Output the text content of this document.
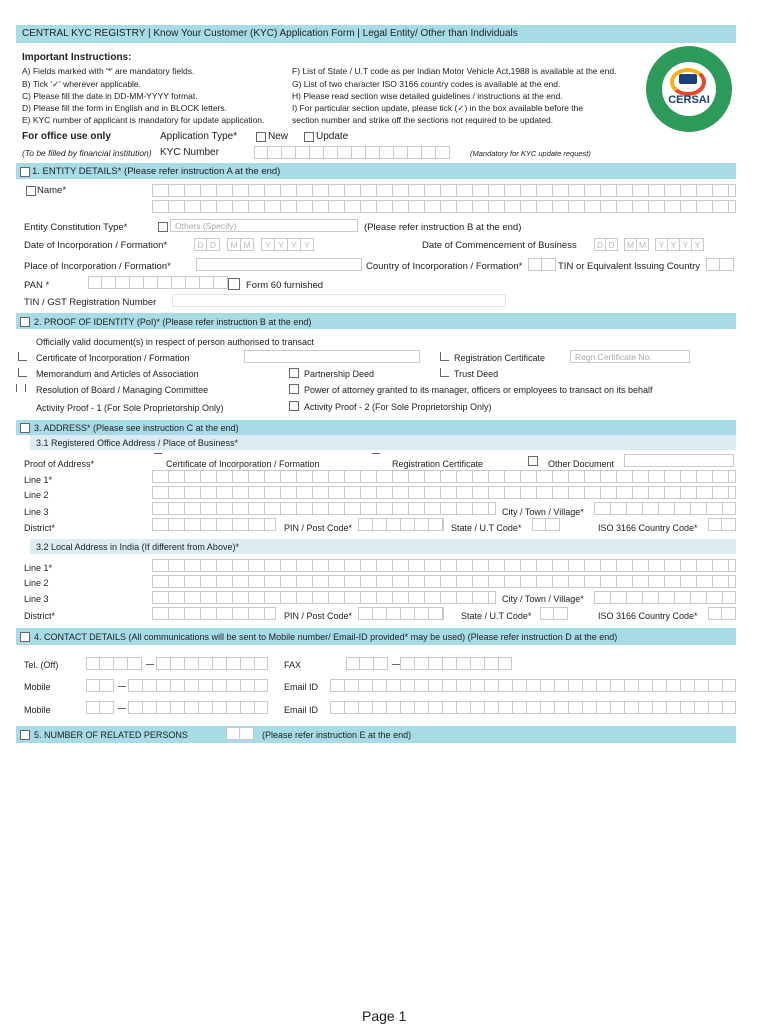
CENTRAL KYC REGISTRY | Know Your Customer (KYC) Application Form | Legal Entity/ Other than Individuals
Important Instructions:
A) Fields marked with '*' are mandatory fields.
B) Tick '✓' wherever applicable.
C) Please fill the date in DD-MM-YYYY format.
D) Please fill the form in English and in BLOCK letters.
E) KYC number of applicant is mandatory for update application.
F) List of State / U.T code as per Indian Motor Vehicle Act,1988 is available at the end.
G) List of two character ISO 3166 country codes is available at the end.
H) Please read section wise detailed guidelines / instructions at the end.
I) For particular section update, please tick (✓) in the box available before the
section number and strike off the sections not required to be updated.
CERSAI
For office use only	Application Type*	New	Update
(To be filled by financial institution) KYC Number	(Mandatory for KYC update request)
1. ENTITY DETAILS* (Please refer instruction A at the end)
Name*
Entity Constitution Type*	Others (Specify)	(Please refer instruction B at the end)
Date of Incorporation / Formation*	D D	M M	Y Y Y Y	Date of Commencement of Business	D D	M M	Y Y Y Y
Place of Incorporation / Formation*	Country of Incorporation / Formation*	TIN or Equivalent Issuing Country
PAN *	Form 60 furnished
TIN / GST Registration Number
2. PROOF OF IDENTITY (PoI)* (Please refer instruction B at the end)
Officially valid document(s) in respect of person authorised to transact
Certificate of Incorporation / Formation	Registration Certificate	Regn Certificate No.
Memorandum and Articles of Association	Partnership Deed	Trust Deed
Resolution of Board / Managing Committee	Power of attorney granted to its manager, officers or employees to transact on its behalf
Activity Proof - 1 (For Sole Proprietorship Only)	Activity Proof - 2 (For Sole Proprietorship Only)
3. ADDRESS* (Please see instruction C at the end)
3.1 Registered Office Address / Place of Business*
Proof of Address*	Certificate of Incorporation / Formation	Registration Certificate	Other Document
Line 1*
Line 2
Line 3	City / Town / Village*
District*	PIN / Post Code*	State / U.T Code*	ISO 3166 Country Code*
3.2 Local Address in India (If different from Above)*
Line 1*
Line 2
Line 3	City / Town / Village*
District*	PIN / Post Code*	State / U.T Code*	ISO 3166 Country Code*
4. CONTACT DETAILS (All communications will be sent to Mobile number/ Email-ID provided* may be used) (Please refer instruction D at the end)
Tel. (Off)	FAX
Mobile	Email ID
Mobile	Email ID
5. NUMBER OF RELATED PERSONS	(Please refer instruction E at the end)
Page 1
